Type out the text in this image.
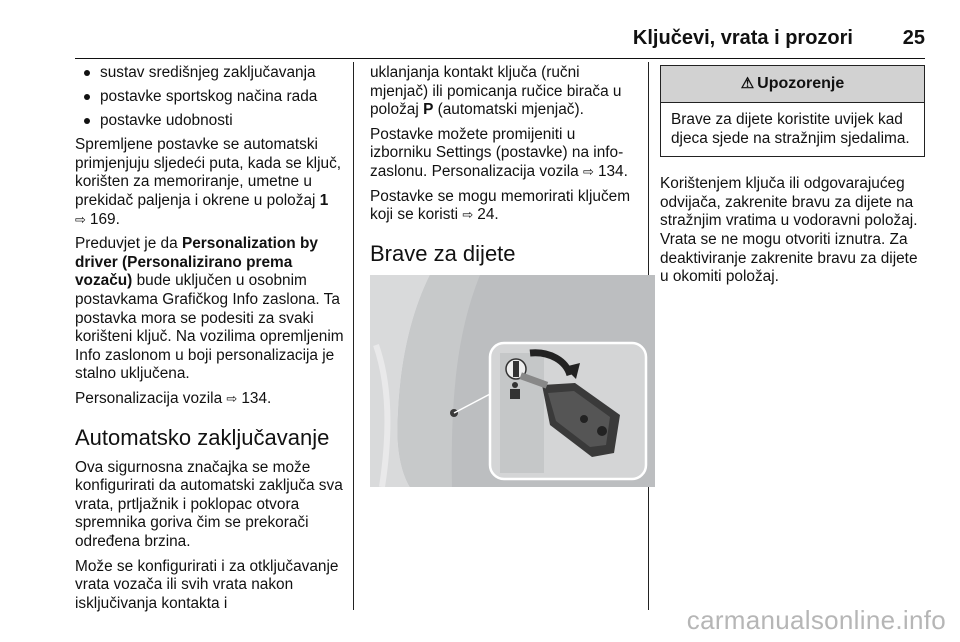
Ključevi, vrata i prozori 25
sustav središnjeg zaključavanja
postavke sportskog načina rada
postavke udobnosti

Spremljene postavke se automatski primjenjuju sljedeći puta, kada se ključ, korišten za memoriranje, umetne u prekidač paljenja i okrene u položaj 1 ⇨ 169.

Preduvjet je da Personalization by driver (Personalizirano prema vozaču) bude uključen u osobnim postavkama Grafičkog Info zaslona. Ta postavka mora se podesiti za svaki korišteni ključ. Na vozilima opremljenim Info zaslonom u boji personalizacija je stalno uključena.

Personalizacija vozila ⇨ 134.

Automatsko zaključavanje

Ova sigurnosna značajka se može konfigurirati da automatski zaključa sva vrata, prtljažnik i poklopac otvora spremnika goriva čim se prekorači određena brzina.

Može se konfigurirati i za otključavanje vrata vozača ili svih vrata nakon isključivanja kontakta i

uklanjanja kontakt ključa (ručni mjenjač) ili pomicanja ručice birača u položaj P (automatski mjenjač).

Postavke možete promijeniti u izborniku Settings (postavke) na info-zaslonu. Personalizacija vozila ⇨ 134.

Postavke se mogu memorirati ključem koji se koristi ⇨ 24.

Brave za dijete
⚠ Upozorenje
Brave za dijete koristite uvijek kad djeca sjede na stražnjim sjedalima.

Korištenjem ključa ili odgovarajućeg odvijača, zakrenite bravu za dijete na stražnjim vratima u vodoravni položaj. Vrata se ne mogu otvoriti iznutra. Za deaktiviranje zakrenite bravu za dijete u okomiti položaj.

carmanualsonline.info
